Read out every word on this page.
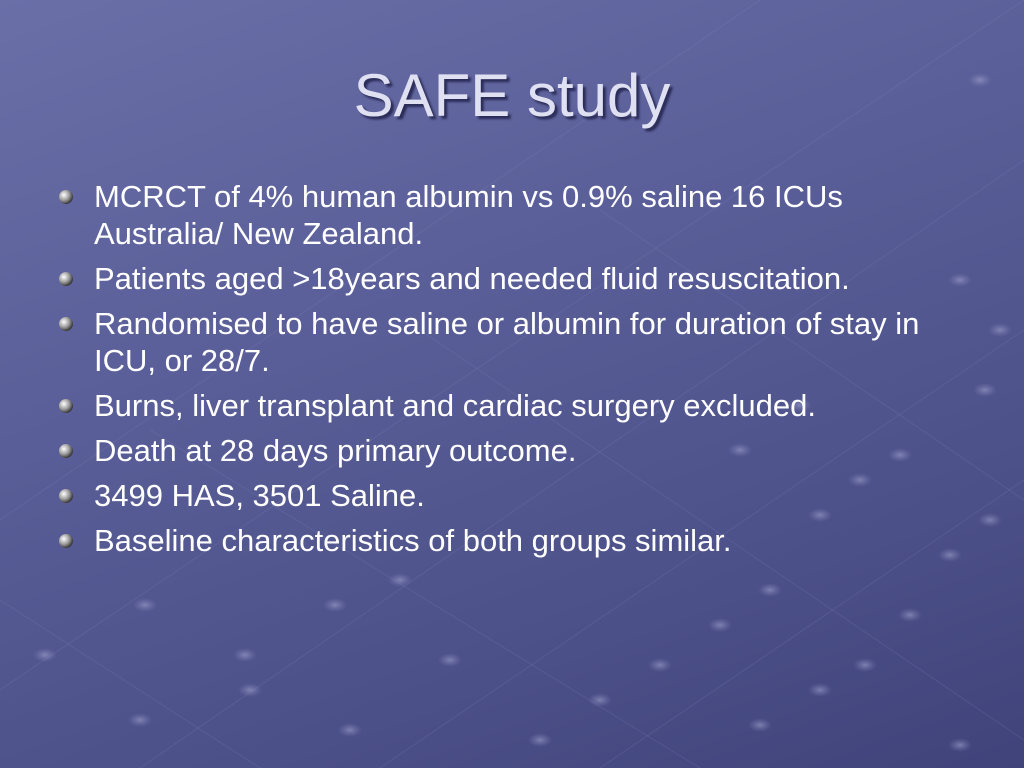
SAFE study
MCRCT of 4% human albumin vs 0.9% saline 16 ICUs Australia/ New Zealand.
Patients aged >18years and needed fluid resuscitation.
Randomised to have saline or albumin for duration of stay in ICU, or 28/7.
Burns, liver transplant and cardiac surgery excluded.
Death at 28 days primary outcome.
3499 HAS, 3501 Saline.
Baseline characteristics of both groups similar.
